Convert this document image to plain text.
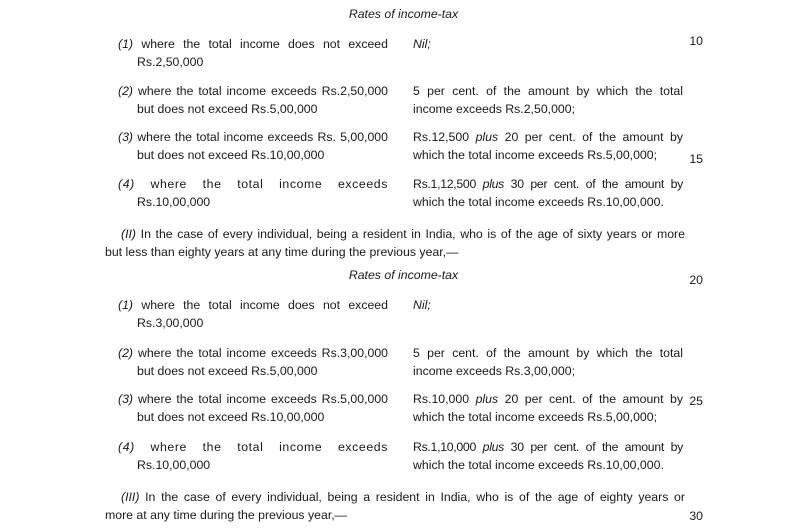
Rates of income-tax
(1) where the total income does not exceed
Rs.2,50,000
Nil;
(2) where the total income exceeds Rs.2,50,000
but does not exceed Rs.5,00,000
5 per cent. of the amount by which the total
income exceeds Rs.2,50,000;
(3) where the total income exceeds Rs. 5,00,000
but does not exceed Rs.10,00,000
Rs.12,500 plus 20 per cent. of the amount by
which the total income exceeds Rs.5,00,000;
(4) where the total income exceeds
Rs.10,00,000
Rs.1,12,500 plus 30 per cent. of the amount by
which the total income exceeds Rs.10,00,000.
(II) In the case of every individual, being a resident in India, who is of the age of sixty years or more
but less than eighty years at any time during the previous year,—
Rates of income-tax
(1) where the total income does not exceed
Rs.3,00,000
Nil;
(2) where the total income exceeds Rs.3,00,000
but does not exceed Rs.5,00,000
5 per cent. of the amount by which the total
income exceeds Rs.3,00,000;
(3) where the total income exceeds Rs.5,00,000
but does not exceed Rs.10,00,000
Rs.10,000 plus 20 per cent. of the amount by
which the total income exceeds Rs.5,00,000;
(4) where the total income exceeds
Rs.10,00,000
Rs.1,10,000 plus 30 per cent. of the amount by
which the total income exceeds Rs.10,00,000.
(III) In the case of every individual, being a resident in India, who is of the age of eighty years or
more at any time during the previous year,—
10
15
20
25
30
